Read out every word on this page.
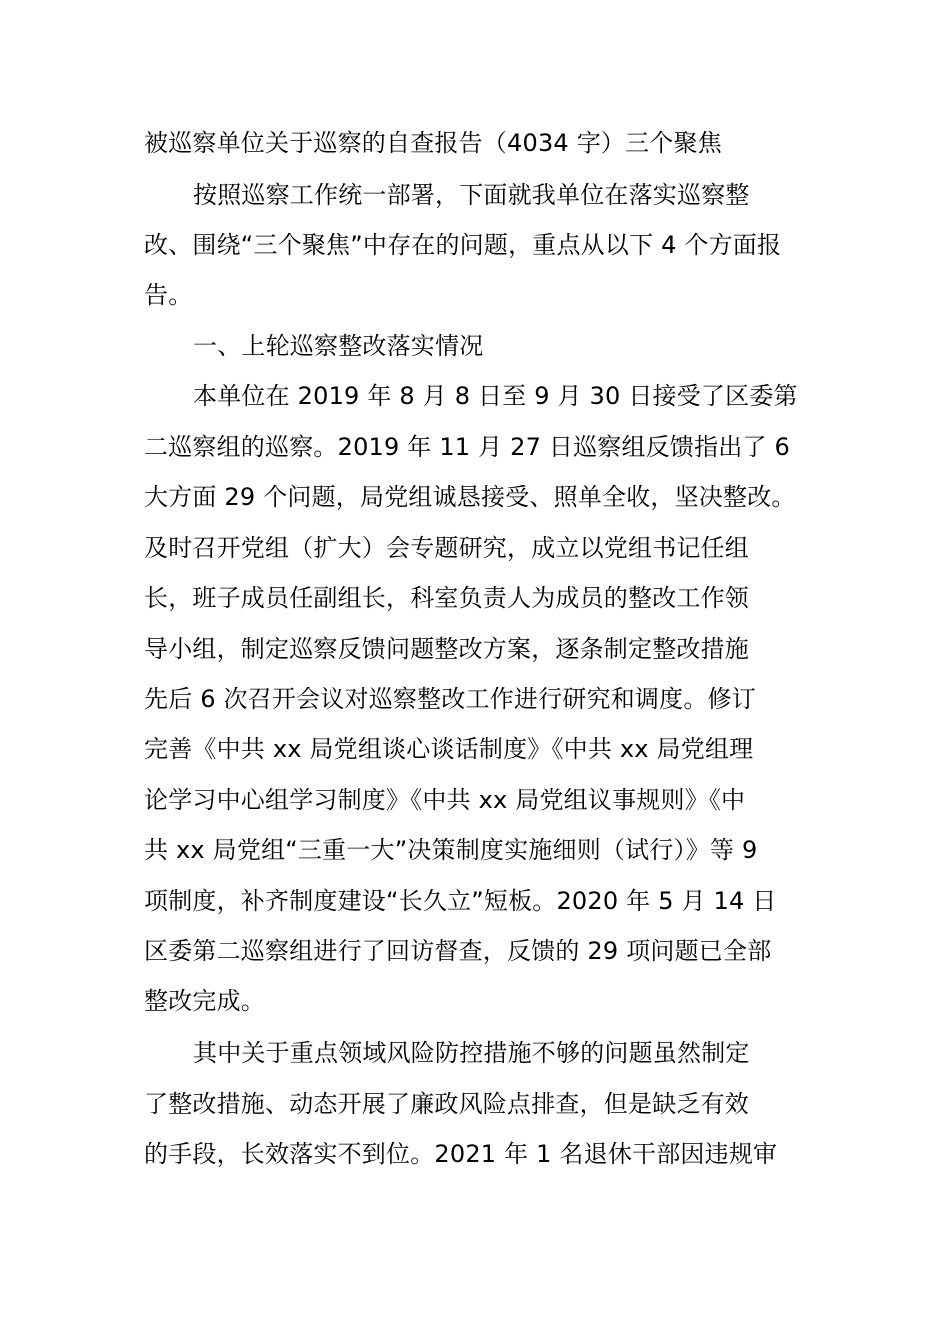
被巡察单位关于巡察的自查报告（4034 字）三个聚焦
按照巡察工作统一部署，下面就我单位在落实巡察整
改、围绕“三个聚焦”中存在的问题，重点从以下 4 个方面报
告。
一、上轮巡察整改落实情况
本单位在 2019 年 8 月 8 日至 9 月 30 日接受了区委第
二巡察组的巡察。2019 年 11 月 27 日巡察组反馈指出了 6
大方面 29 个问题，局党组诚恳接受、照单全收，坚决整改。
及时召开党组（扩大）会专题研究，成立以党组书记任组
长，班子成员任副组长，科室负责人为成员的整改工作领
导小组，制定巡察反馈问题整改方案，逐条制定整改措施
先后 6 次召开会议对巡察整改工作进行研究和调度。修订
完善《中共 xx 局党组谈心谈话制度》《中共 xx 局党组理
论学习中心组学习制度》《中共 xx 局党组议事规则》《中
共 xx 局党组“三重一大”决策制度实施细则（试行）》等 9
项制度，补齐制度建设“长久立”短板。2020 年 5 月 14 日
区委第二巡察组进行了回访督查，反馈的 29 项问题已全部
整改完成。
其中关于重点领域风险防控措施不够的问题虽然制定
了整改措施、动态开展了廉政风险点排查，但是缺乏有效
的手段，长效落实不到位。2021 年 1 名退休干部因违规审
